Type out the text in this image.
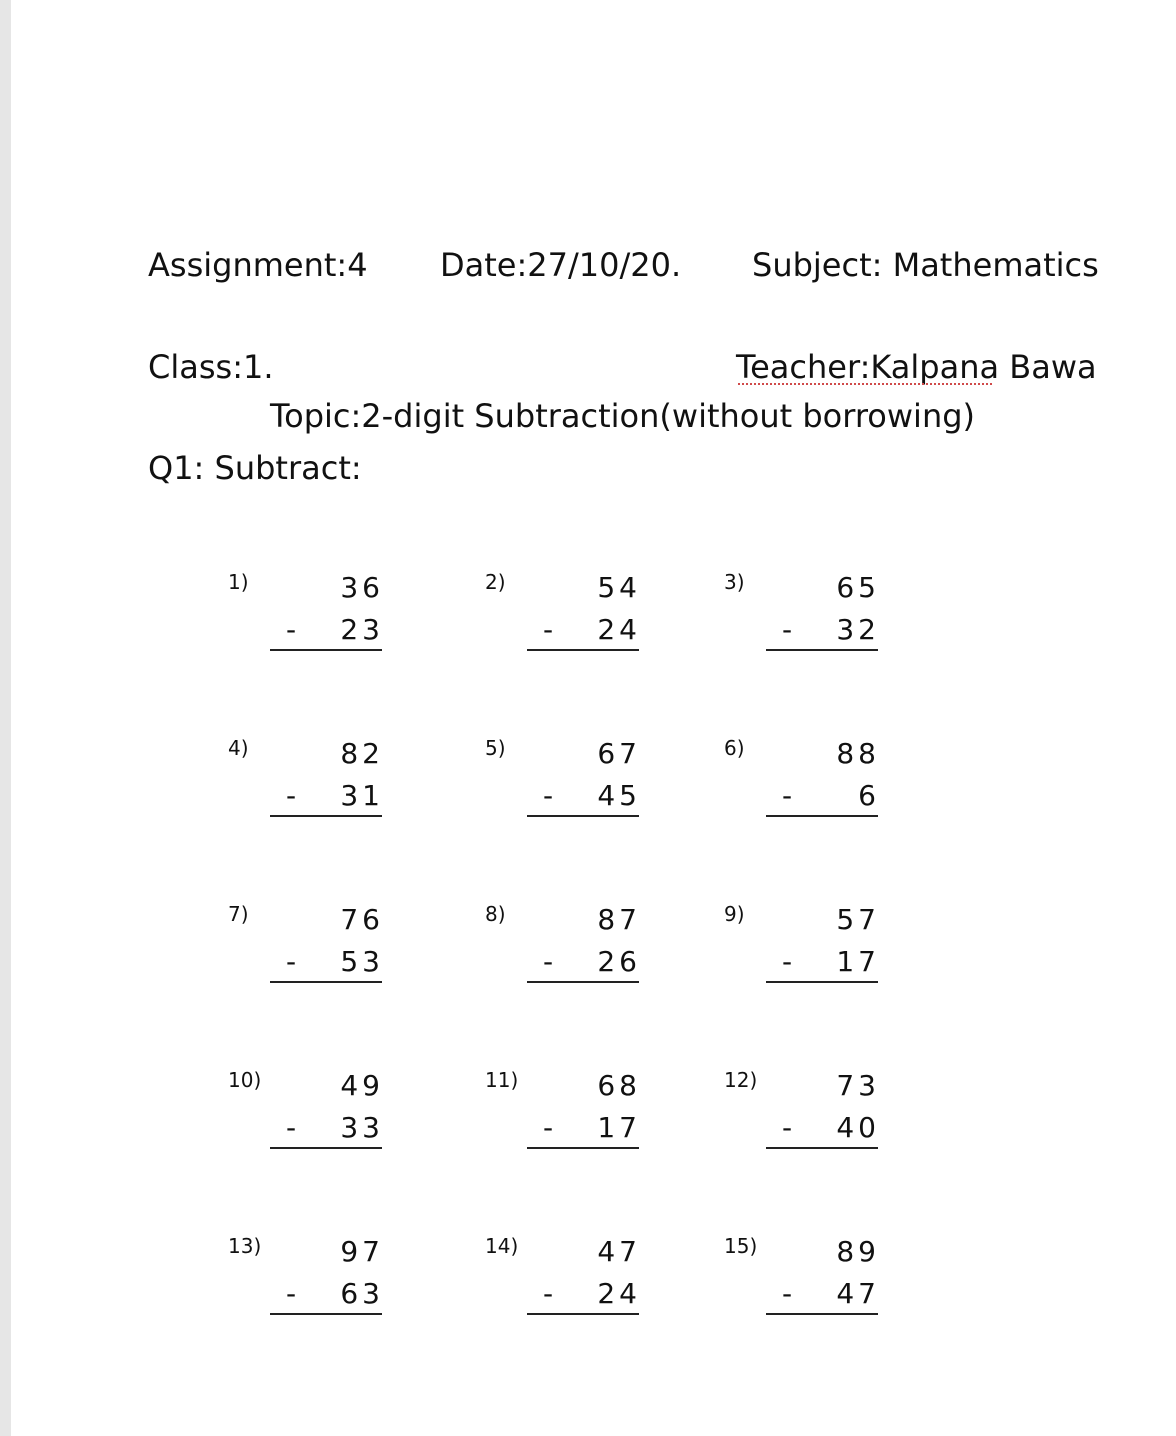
Assignment:4 Date:27/10/20. Subject: Mathematics
Class:1.	Teacher:Kalpana Bawa
Topic:2-digit Subtraction(without borrowing)
Q1: Subtract:
1)	36
- 23
2)	54
- 24
3)	65
- 32
4)	82
- 31
5)	67
- 45
6)	88
- 6
7)	76
- 53
8)	87
- 26
9)	57
- 17
10)	49
- 33
11)	68
- 17
12)	73
- 40
13)	97
- 63
14)	47
- 24
15)	89
- 47
